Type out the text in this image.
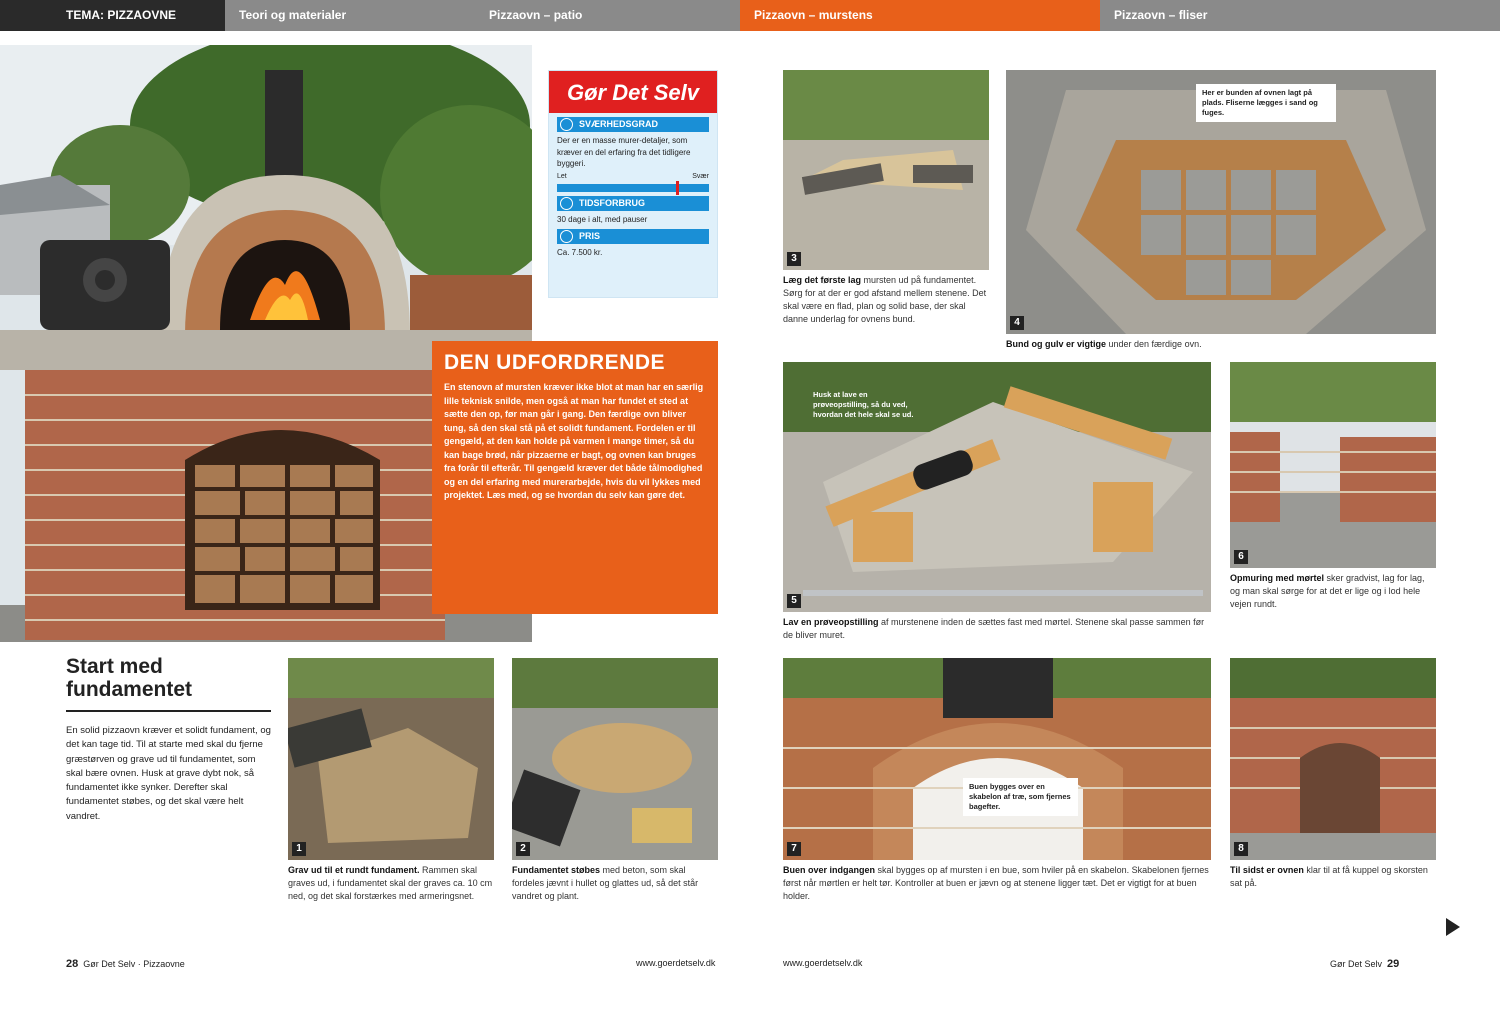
TEMA: PIZZAOVNE	Teori og materialer	Pizzaovn – patio	Pizzaovn – murstens	Pizzaovn – fliser
Gør Det Selv
SVÆRHEDSGRAD
Der er en masse murer-detaljer, som kræver en del erfaring fra det tidligere byggeri.
Let	Svær
TIDSFORBRUG
30 dage i alt, med pauser
PRIS
Ca. 7.500 kr.
DEN UDFORDRENDE

En stenovn af mursten kræver ikke blot at man har en særlig lille teknisk snilde, men også at man har fundet et sted at sætte den op, før man går i gang. Den færdige ovn bliver tung, så den skal stå på et solidt fundament. Fordelen er til gengæld, at den kan holde på varmen i mange timer, så du kan bage brød, når pizzaerne er bagt, og ovnen kan bruges fra forår til efterår. Til gengæld kræver det både tålmodighed og en del erfaring med murerarbejde, hvis du vil lykkes med projektet. Læs med, og se hvordan du selv kan gøre det.

Start med
fundamentet
En solid pizzaovn kræver et solidt fundament, og det kan tage tid. Til at starte med skal du fjerne græstørven og grave ud til fundamentet, som skal bære ovnen. Husk at grave dybt nok, så fundamentet ikke synker. Derefter skal fundamentet støbes, og det skal være helt vandret.
1
Grav ud til et rundt fundament. Rammen skal graves ud, i fundamentet skal der graves ca. 10 cm ned, og det skal forstærkes med armeringsnet.
2
Fundamentet støbes med beton, som skal fordeles jævnt i hullet og glattes ud, så det står vandret og plant.
3
Læg det første lag mursten ud på fundamentet. Sørg for at der er god afstand mellem stenene. Det skal være en flad, plan og solid base, der skal danne underlag for ovnens bund.
Her er bunden af ovnen lagt på plads. Fliserne lægges i sand og fuges.
4
Bund og gulv er vigtige under den færdige ovn.
Husk at lave en prøveopstilling, så du ved, hvordan det hele skal se ud.
5
Lav en prøveopstilling af murstenene inden de sættes fast med mørtel. Stenene skal passe sammen før de bliver muret.
6
Opmuring med mørtel sker gradvist, lag for lag, og man skal sørge for at det er lige og i lod hele vejen rundt.
Buen bygges over en skabelon af træ, som fjernes bagefter.
7
Buen over indgangen skal bygges op af mursten i en bue, som hviler på en skabelon. Skabelonen fjernes først når mørtlen er helt tør. Kontroller at buen er jævn og at stenene ligger tæt. Det er vigtigt for at buen holder.
8
Til sidst er ovnen klar til at få kuppel og skorsten sat på.
28 Gør Det Selv · Pizzaovne	www.goerdetselv.dk	www.goerdetselv.dk	Gør Det Selv 29
